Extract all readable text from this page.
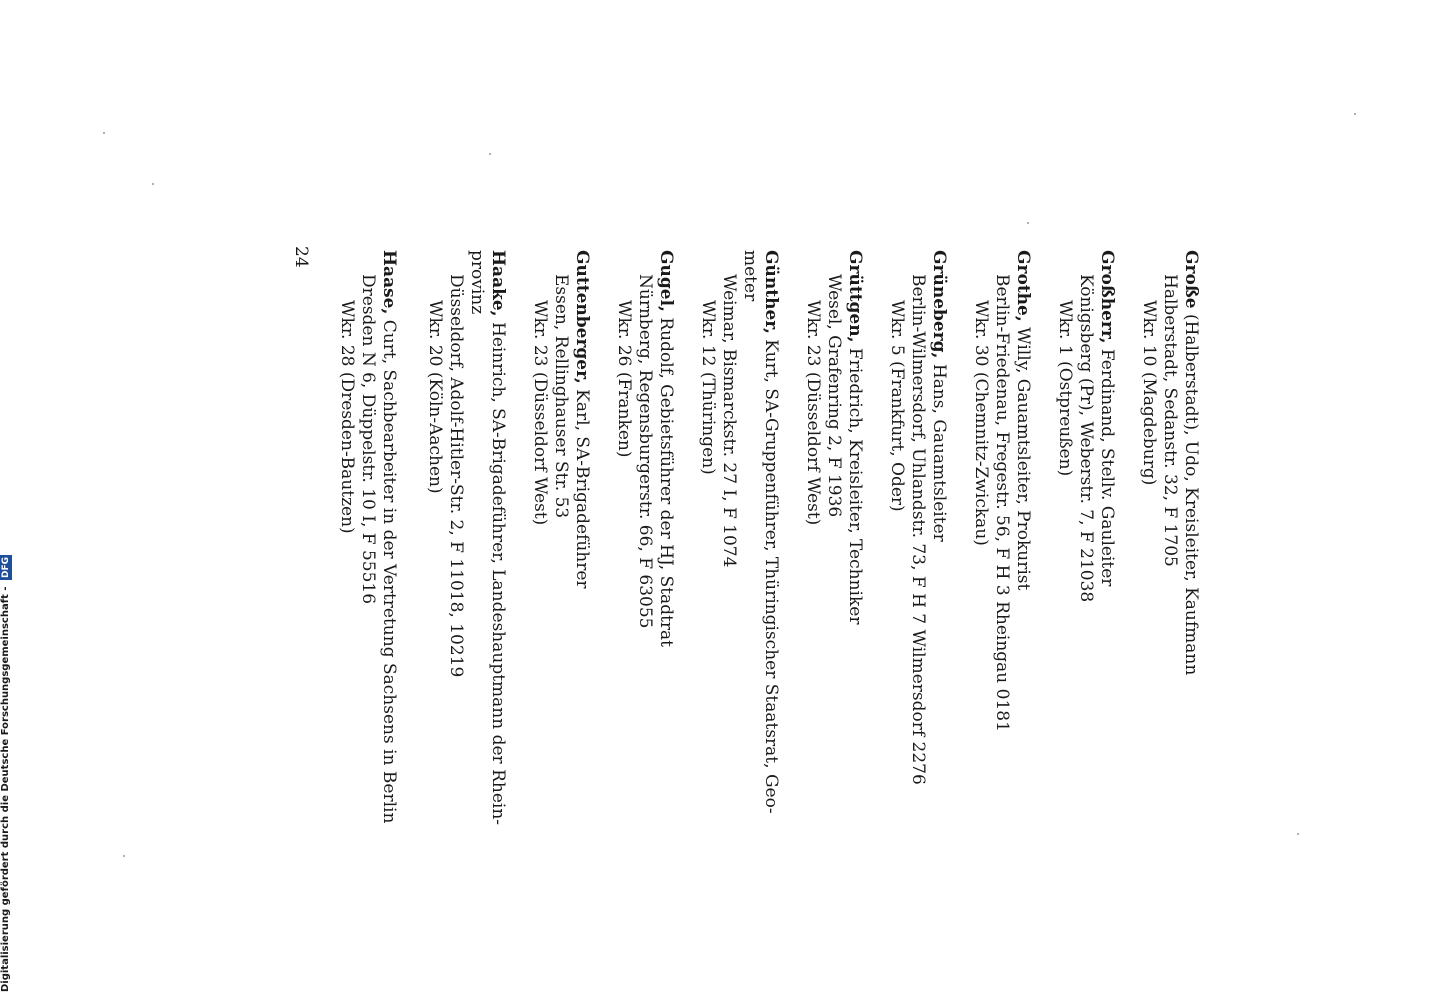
Große (Halberstadt), Udo, Kreisleiter, Kaufmann
Halberstadt, Sedanstr. 32, F 1705
Wkr. 10 (Magdeburg)
Großherr, Ferdinand, Stellv. Gauleiter
Königsberg (Pr), Weberstr. 7, F 21038
Wkr. 1 (Ostpreußen)
Grothe, Willy, Gauamtsleiter, Prokurist
Berlin-Friedenau, Fregestr. 56, F H 3 Rheingau 0181
Wkr. 30 (Chemnitz-Zwickau)
Grüneberg, Hans, Gauamtsleiter
Berlin-Wilmersdorf, Uhlandstr. 73, F H 7 Wilmersdorf 2276
Wkr. 5 (Frankfurt, Oder)
Grüttgen, Friedrich, Kreisleiter, Techniker
Wesel, Grafenring 2, F 1936
Wkr. 23 (Düsseldorf West)
Günther, Kurt, SA-Gruppenführer, Thüringischer Staatsrat, Geo-
meter
Weimar, Bismarckstr. 27 I, F 1074
Wkr. 12 (Thüringen)
Gugel, Rudolf, Gebietsführer der HJ, Stadtrat
Nürnberg, Regensburgerstr. 66, F 63055
Wkr. 26 (Franken)
Guttenberger, Karl, SA-Brigadeführer
Essen, Rellinghauser Str. 53
Wkr. 23 (Düsseldorf West)
Haake, Heinrich, SA-Brigadeführer, Landeshauptmann der Rhein-
provinz
Düsseldorf, Adolf-Hitler-Str. 2, F 11018, 10219
Wkr. 20 (Köln-Aachen)
Haase, Curt, Sachbearbeiter in der Vertretung Sachsens in Berlin
Dresden N 6, Düppelstr. 10 I, F 55516
Wkr. 28 (Dresden-Bautzen)
24
Digitalisierung gefördert durch die Deutsche Forschungsgemeinschaft - DFG
